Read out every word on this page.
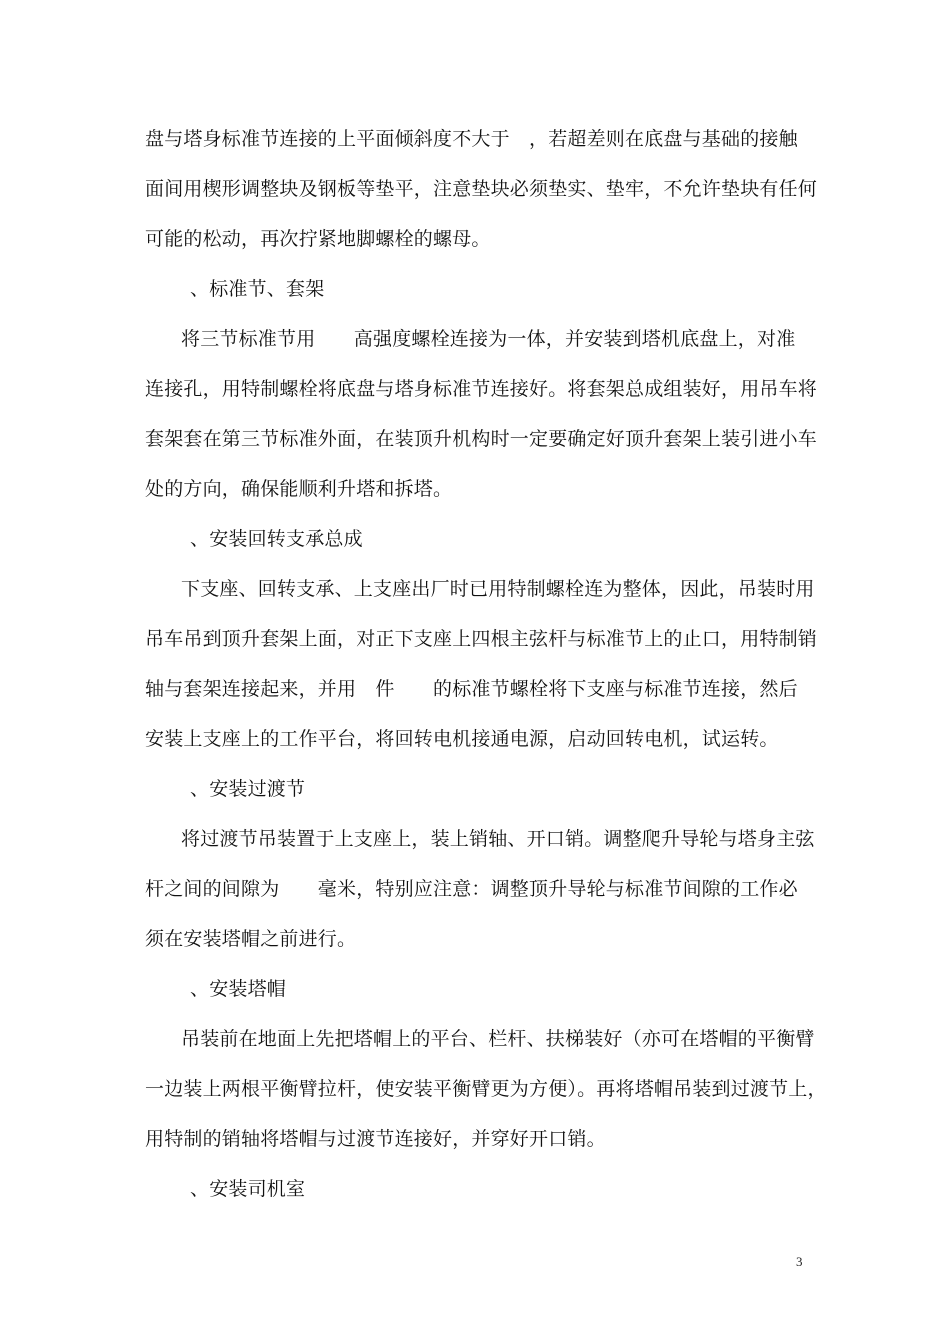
盘与塔身标准节连接的上平面倾斜度不大于　，若超差则在底盘与基础的接触
面间用楔形调整块及钢板等垫平，注意垫块必须垫实、垫牢，不允许垫块有任何
可能的松动，再次拧紧地脚螺栓的螺母。
、标准节、套架
将三节标准节用　　高强度螺栓连接为一体，并安装到塔机底盘上，对准
连接孔，用特制螺栓将底盘与塔身标准节连接好。将套架总成组装好，用吊车将
套架套在第三节标准外面，在装顶升机构时一定要确定好顶升套架上装引进小车
处的方向，确保能顺利升塔和拆塔。
、安装回转支承总成
下支座、回转支承、上支座出厂时已用特制螺栓连为整体，因此，吊装时用
吊车吊到顶升套架上面，对正下支座上四根主弦杆与标准节上的止口，用特制销
轴与套架连接起来，并用　件　　的标准节螺栓将下支座与标准节连接，然后
安装上支座上的工作平台，将回转电机接通电源，启动回转电机，试运转。
、安装过渡节
将过渡节吊装置于上支座上，装上销轴、开口销。调整爬升导轮与塔身主弦
杆之间的间隙为　　毫米，特别应注意：调整顶升导轮与标准节间隙的工作必
须在安装塔帽之前进行。
、安装塔帽
吊装前在地面上先把塔帽上的平台、栏杆、扶梯装好（亦可在塔帽的平衡臂
一边装上两根平衡臂拉杆，使安装平衡臂更为方便）。再将塔帽吊装到过渡节上，
用特制的销轴将塔帽与过渡节连接好，并穿好开口销。
、安装司机室
3
